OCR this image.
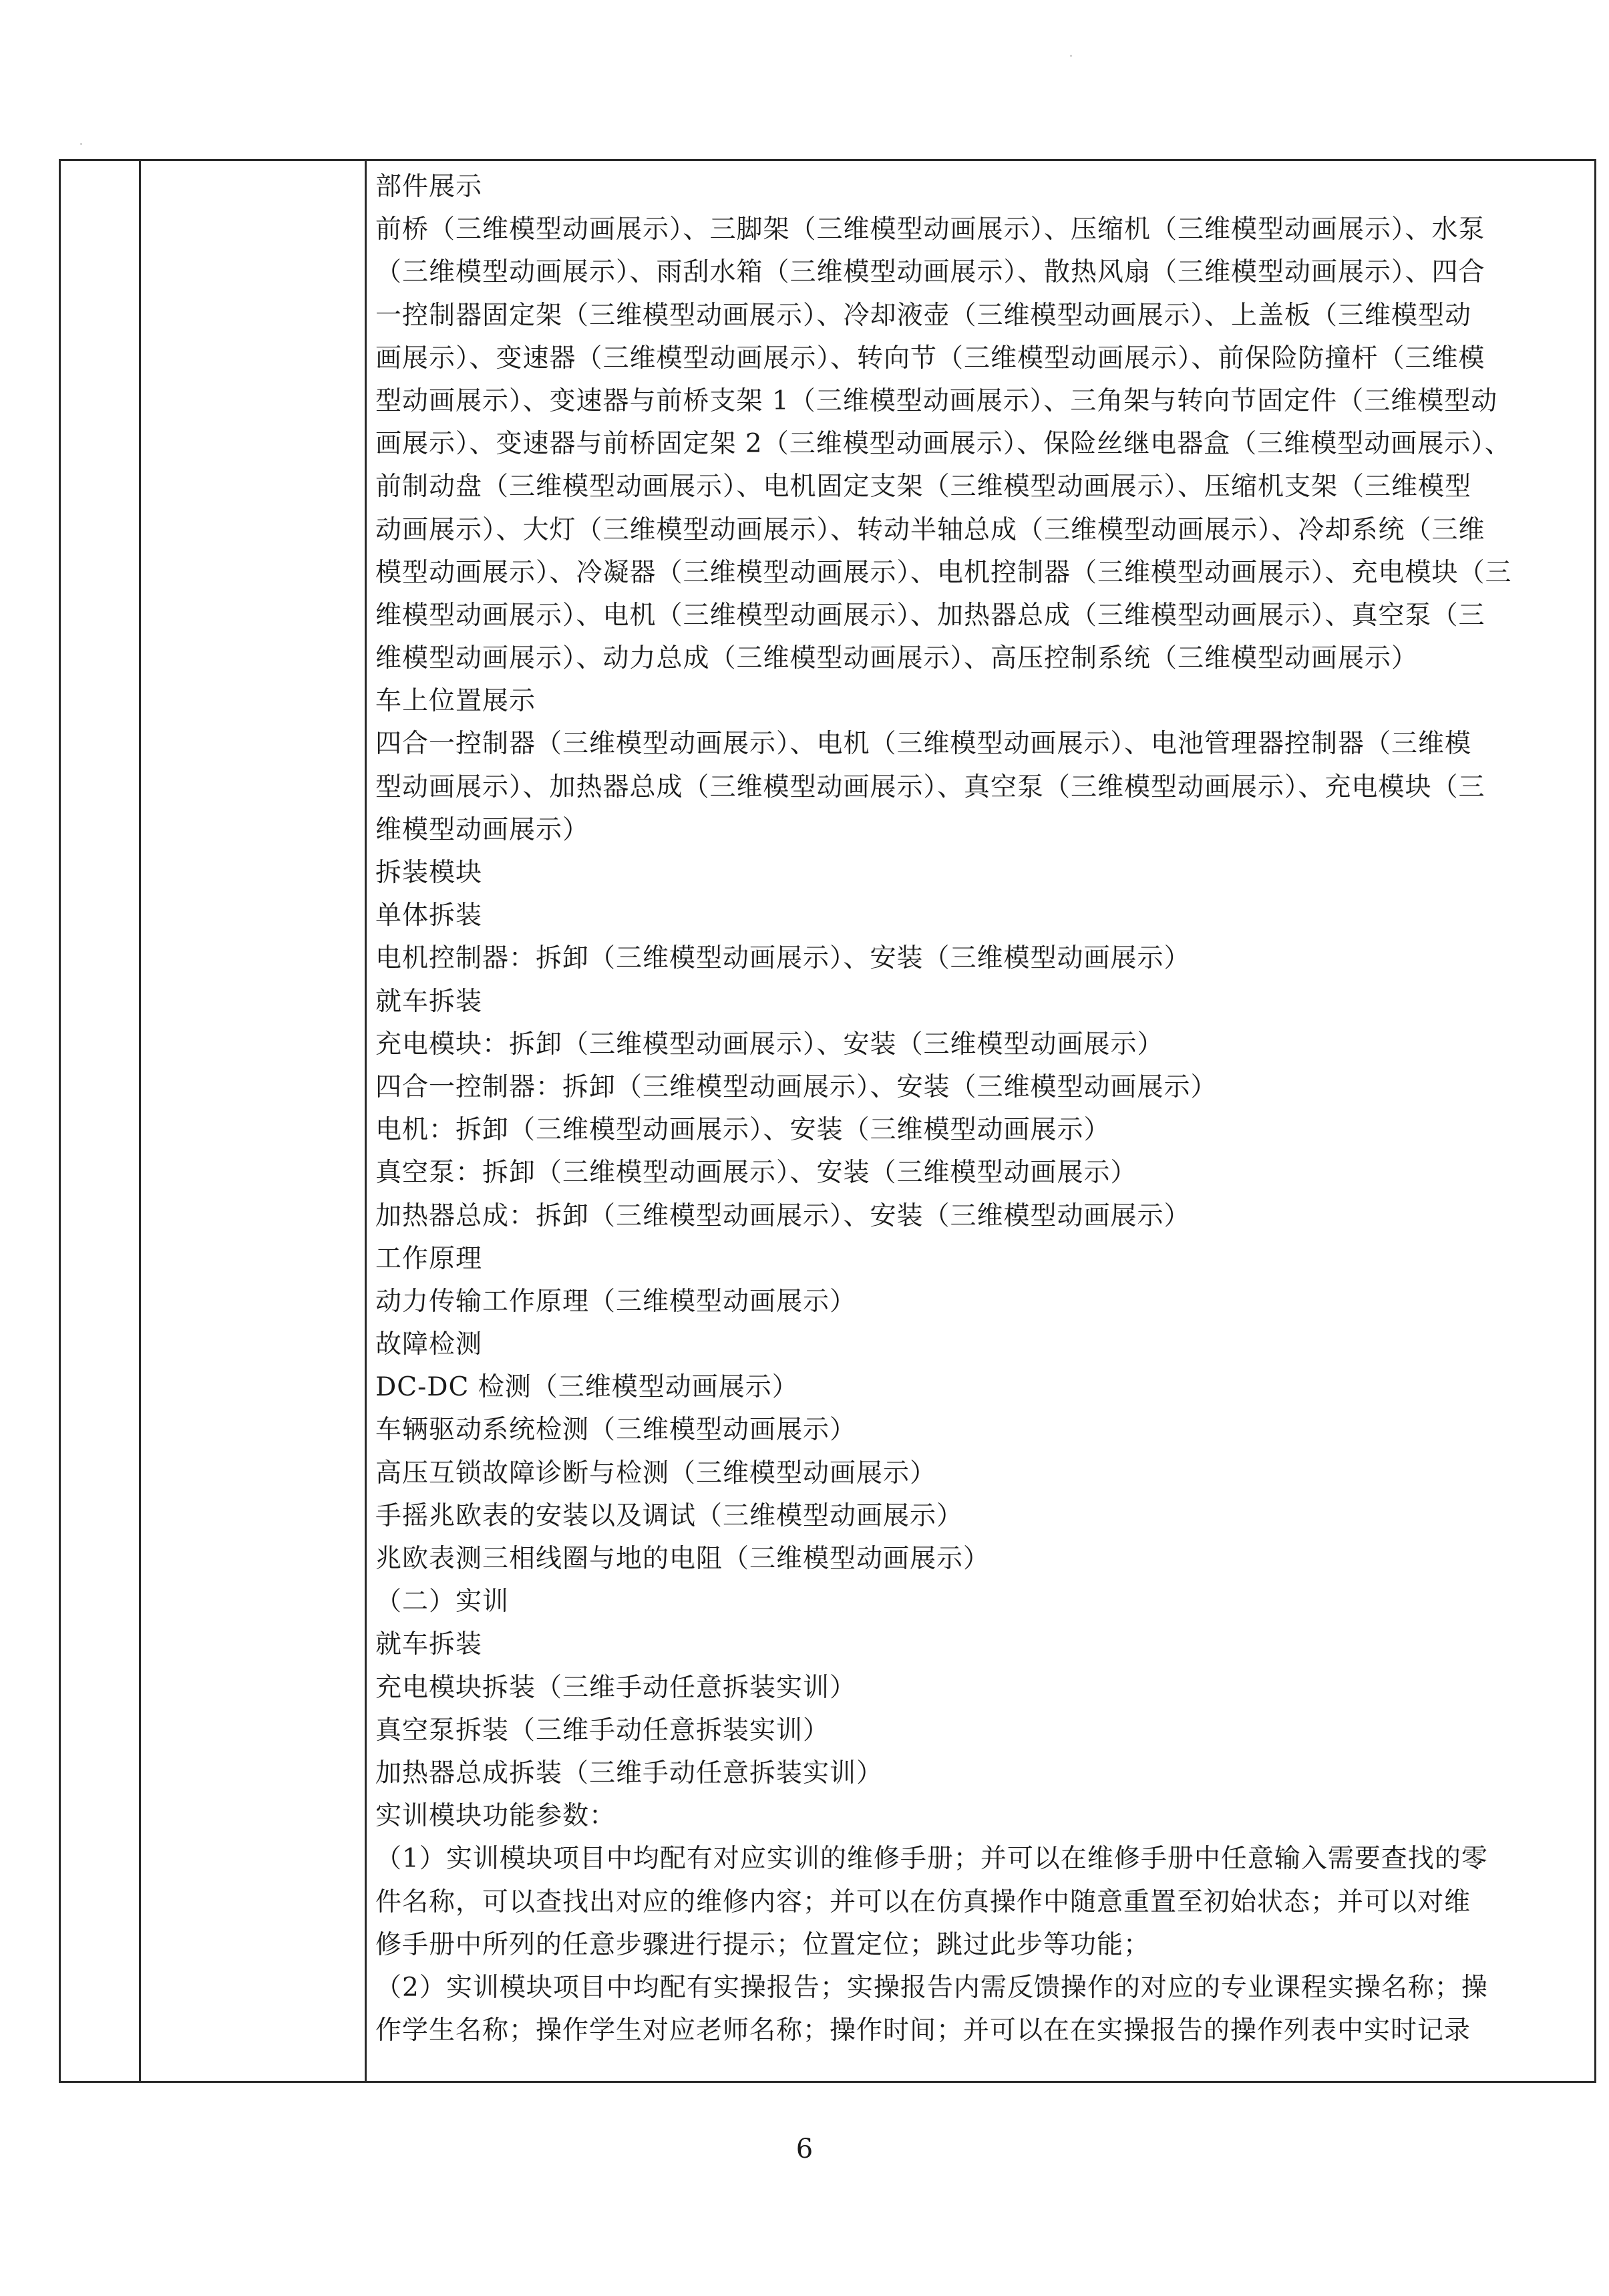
部件展示
前桥（三维模型动画展示）、三脚架（三维模型动画展示）、压缩机（三维模型动画展示）、水泵
（三维模型动画展示）、雨刮水箱（三维模型动画展示）、散热风扇（三维模型动画展示）、四合
一控制器固定架（三维模型动画展示）、冷却液壶（三维模型动画展示）、上盖板（三维模型动
画展示）、变速器（三维模型动画展示）、转向节（三维模型动画展示）、前保险防撞杆（三维模
型动画展示）、变速器与前桥支架 1（三维模型动画展示）、三角架与转向节固定件（三维模型动
画展示）、变速器与前桥固定架 2（三维模型动画展示）、保险丝继电器盒（三维模型动画展示）、
前制动盘（三维模型动画展示）、电机固定支架（三维模型动画展示）、压缩机支架（三维模型
动画展示）、大灯（三维模型动画展示）、转动半轴总成（三维模型动画展示）、冷却系统（三维
模型动画展示）、冷凝器（三维模型动画展示）、电机控制器（三维模型动画展示）、充电模块（三
维模型动画展示）、电机（三维模型动画展示）、加热器总成（三维模型动画展示）、真空泵（三
维模型动画展示）、动力总成（三维模型动画展示）、高压控制系统（三维模型动画展示）
车上位置展示
四合一控制器（三维模型动画展示）、电机（三维模型动画展示）、电池管理器控制器（三维模
型动画展示）、加热器总成（三维模型动画展示）、真空泵（三维模型动画展示）、充电模块（三
维模型动画展示）
拆装模块
单体拆装
电机控制器：拆卸（三维模型动画展示）、安装（三维模型动画展示）
就车拆装
充电模块：拆卸（三维模型动画展示）、安装（三维模型动画展示）
四合一控制器：拆卸（三维模型动画展示）、安装（三维模型动画展示）
电机：拆卸（三维模型动画展示）、安装（三维模型动画展示）
真空泵：拆卸（三维模型动画展示）、安装（三维模型动画展示）
加热器总成：拆卸（三维模型动画展示）、安装（三维模型动画展示）
工作原理
动力传输工作原理（三维模型动画展示）
故障检测
DC-DC 检测（三维模型动画展示）
车辆驱动系统检测（三维模型动画展示）
高压互锁故障诊断与检测（三维模型动画展示）
手摇兆欧表的安装以及调试（三维模型动画展示）
兆欧表测三相线圈与地的电阻（三维模型动画展示）
（二）实训
就车拆装
充电模块拆装（三维手动任意拆装实训）
真空泵拆装（三维手动任意拆装实训）
加热器总成拆装（三维手动任意拆装实训）
实训模块功能参数：
（1）实训模块项目中均配有对应实训的维修手册；并可以在维修手册中任意输入需要查找的零
件名称，可以查找出对应的维修内容；并可以在仿真操作中随意重置至初始状态；并可以对维
修手册中所列的任意步骤进行提示；位置定位；跳过此步等功能；
（2）实训模块项目中均配有实操报告；实操报告内需反馈操作的对应的专业课程实操名称；操
作学生名称；操作学生对应老师名称；操作时间；并可以在在实操报告的操作列表中实时记录
6
